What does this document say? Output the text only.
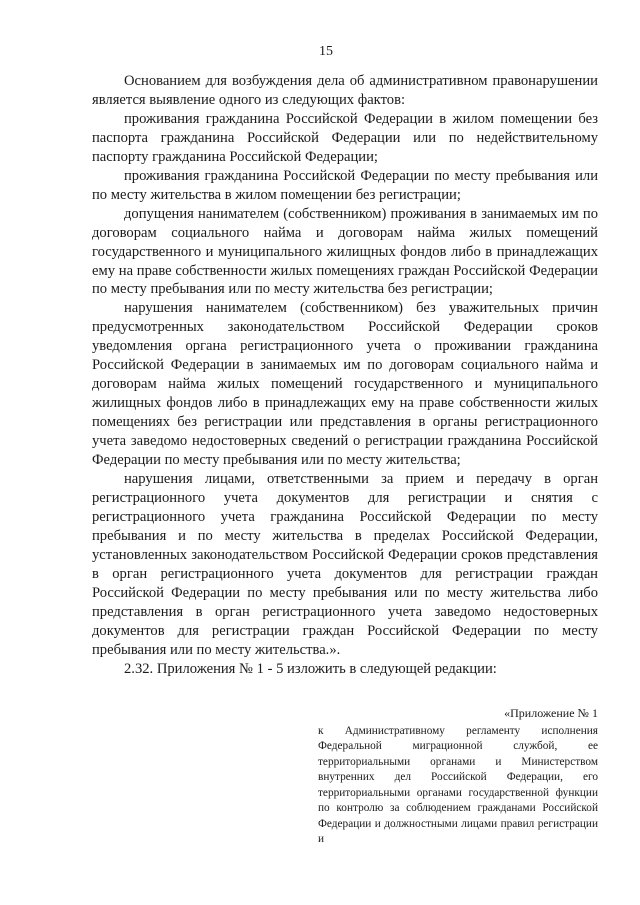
15

Основанием для возбуждения дела об административном правонарушении является выявление одного из следующих фактов:

проживания гражданина Российской Федерации в жилом помещении без паспорта гражданина Российской Федерации или по недействительному паспорту гражданина Российской Федерации;

проживания гражданина Российской Федерации по месту пребывания или по месту жительства в жилом помещении без регистрации;

допущения нанимателем (собственником) проживания в занимаемых им по договорам социального найма и договорам найма жилых помещений государственного и муниципального жилищных фондов либо в принадлежащих ему на праве собственности жилых помещениях граждан Российской Федерации по месту пребывания или по месту жительства без регистрации;

нарушения нанимателем (собственником) без уважительных причин предусмотренных законодательством Российской Федерации сроков уведомления органа регистрационного учета о проживании гражданина Российской Федерации в занимаемых им по договорам социального найма и договорам найма жилых помещений государственного и муниципального жилищных фондов либо в принадлежащих ему на праве собственности жилых помещениях без регистрации или представления в органы регистрационного учета заведомо недостоверных сведений о регистрации гражданина Российской Федерации по месту пребывания или по месту жительства;

нарушения лицами, ответственными за прием и передачу в орган регистрационного учета документов для регистрации и снятия с регистрационного учета гражданина Российской Федерации по месту пребывания и по месту жительства в пределах Российской Федерации, установленных законодательством Российской Федерации сроков представления в орган регистрационного учета документов для регистрации граждан Российской Федерации по месту пребывания или по месту жительства либо представления в орган регистрационного учета заведомо недостоверных документов для регистрации граждан Российской Федерации по месту пребывания или по месту жительства.».

2.32. Приложения № 1 - 5 изложить в следующей редакции:

«Приложение № 1
к Административному регламенту исполнения Федеральной миграционной службой, ее территориальными органами и Министерством внутренних дел Российской Федерации, его территориальными органами государственной функции по контролю за соблюдением гражданами Российской Федерации и должностными лицами правил регистрации и
